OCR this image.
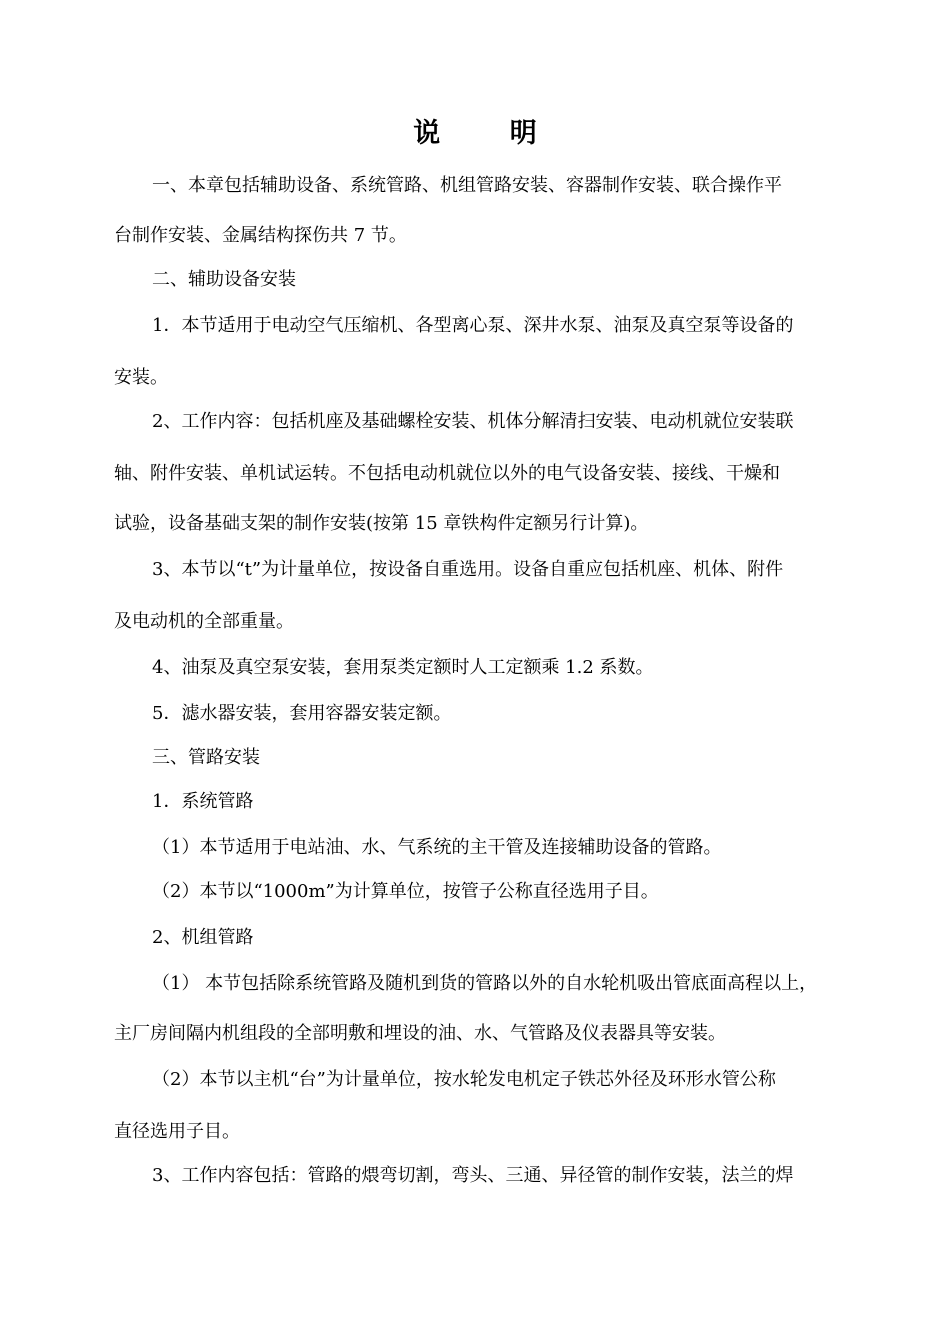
说 明

一、本章包括辅助设备、系统管路、机组管路安装、容器制作安装、联合操作平

台制作安装、金属结构探伤共 7 节。

二、辅助设备安装

1．本节适用于电动空气压缩机、各型离心泵、深井水泵、油泵及真空泵等设备的

安装。

2、工作内容：包括机座及基础螺栓安装、机体分解清扫安装、电动机就位安装联

轴、附件安装、单机试运转。不包括电动机就位以外的电气设备安装、接线、干燥和

试验，设备基础支架的制作安装(按第 15 章铁构件定额另行计算)。

3、本节以“t”为计量单位，按设备自重选用。设备自重应包括机座、机体、附件

及电动机的全部重量。

4、油泵及真空泵安装，套用泵类定额时人工定额乘 1.2 系数。

5．滤水器安装，套用容器安装定额。

三、管路安装

1．系统管路

（1）本节适用于电站油、水、气系统的主干管及连接辅助设备的管路。

（2）本节以“1000m”为计算单位，按管子公称直径选用子目。

2、机组管路

（1） 本节包括除系统管路及随机到货的管路以外的自水轮机吸出管底面高程以上，

主厂房间隔内机组段的全部明敷和埋设的油、水、气管路及仪表器具等安装。

（2）本节以主机“台”为计量单位，按水轮发电机定子铁芯外径及环形水管公称

直径选用子目。

3、工作内容包括：管路的煨弯切割，弯头、三通、异径管的制作安装，法兰的焊
